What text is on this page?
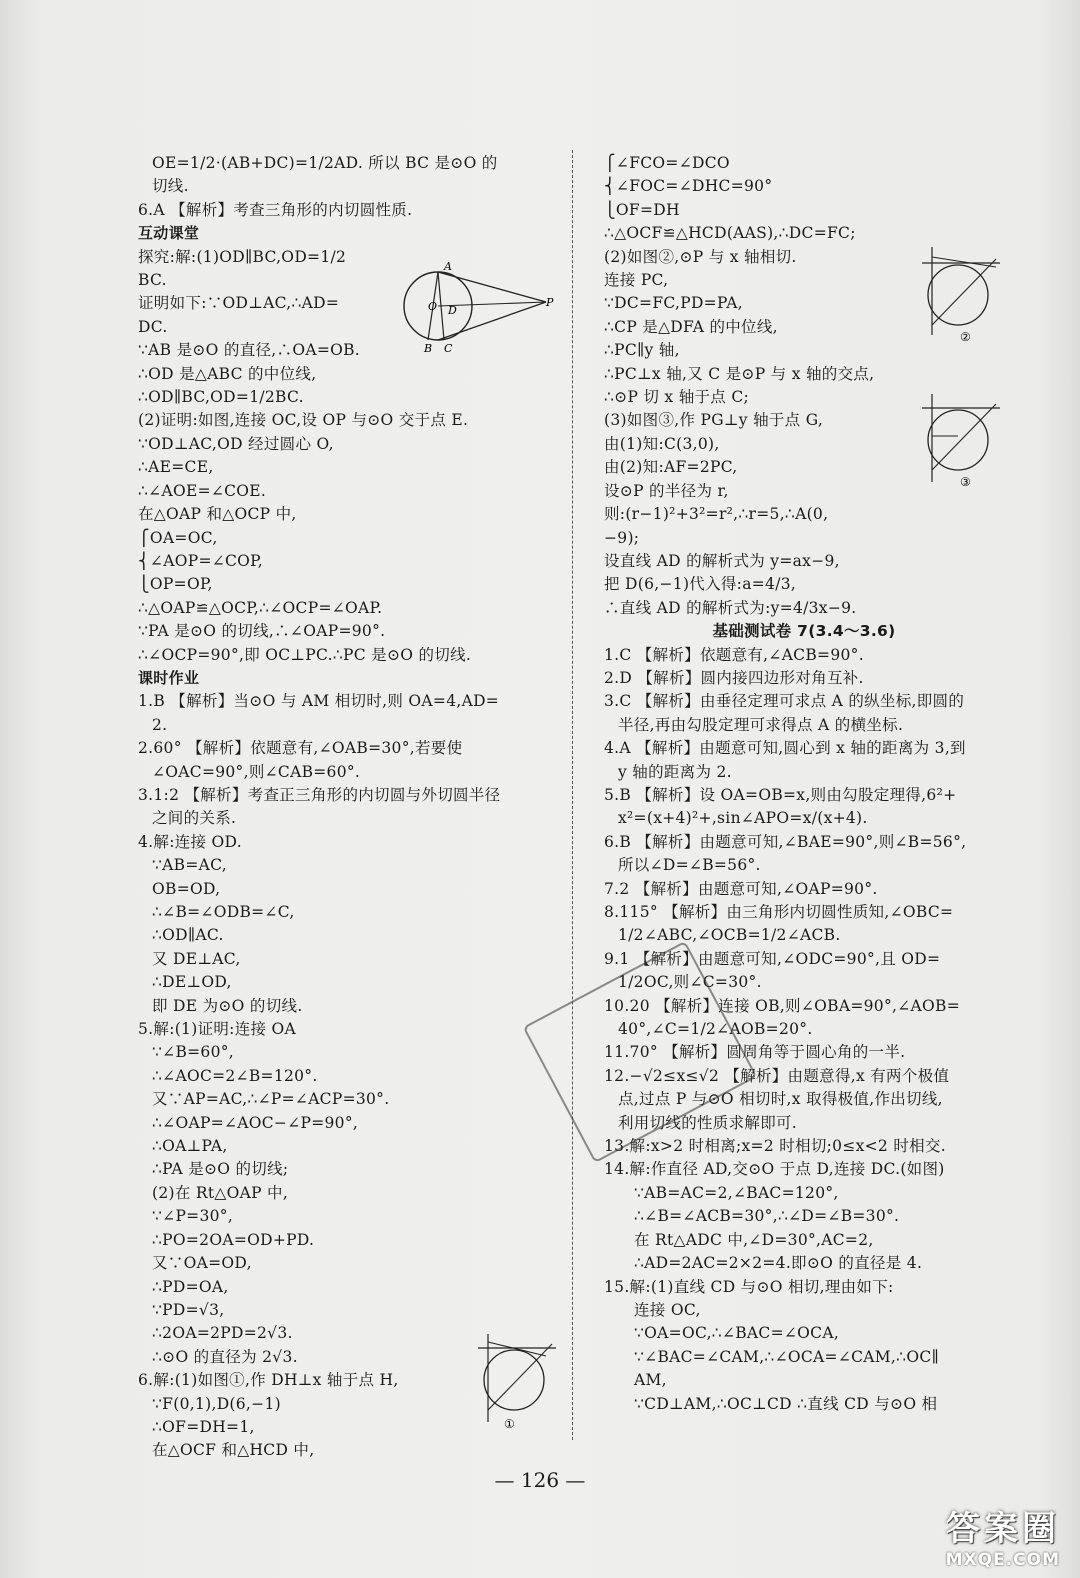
OE=1/2·(AB+DC)=1/2AD. 所以 BC 是⊙O 的
切线.
6.A 【解析】考查三角形的内切圆性质.
互动课堂
探究:解:(1)OD∥BC,OD=1/2
BC.
证明如下:∵OD⊥AC,∴AD=
DC.
∵AB 是⊙O 的直径,∴OA=OB.
∴OD 是△ABC 的中位线,
∴OD∥BC,OD=1/2BC.
(2)证明:如图,连接 OC,设 OP 与⊙O 交于点 E.
∵OD⊥AC,OD 经过圆心 O,
∴AE=CE,
∴∠AOE=∠COE.
在△OAP 和△OCP 中,
⎧OA=OC,
⎨∠AOP=∠COP,
⎩OP=OP,
∴△OAP≌△OCP,∴∠OCP=∠OAP.
∵PA 是⊙O 的切线,∴∠OAP=90°.
∴∠OCP=90°,即 OC⊥PC.∴PC 是⊙O 的切线.
课时作业
1.B 【解析】当⊙O 与 AM 相切时,则 OA=4,AD=
2.
2.60° 【解析】依题意有,∠OAB=30°,若要使
∠OAC=90°,则∠CAB=60°.
3.1:2 【解析】考查正三角形的内切圆与外切圆半径
之间的关系.
4.解:连接 OD.
∵AB=AC,
OB=OD,
∴∠B=∠ODB=∠C,
∴OD∥AC.
又 DE⊥AC,
∴DE⊥OD,
即 DE 为⊙O 的切线.
5.解:(1)证明:连接 OA
∵∠B=60°,
∴∠AOC=2∠B=120°.
又∵AP=AC,∴∠P=∠ACP=30°.
∴∠OAP=∠AOC−∠P=90°,
∴OA⊥PA,
∴PA 是⊙O 的切线;
(2)在 Rt△OAP 中,
∵∠P=30°,
∴PO=2OA=OD+PD.
又∵OA=OD,
∴PD=OA,
∵PD=√3,
∴2OA=2PD=2√3.
∴⊙O 的直径为 2√3.
6.解:(1)如图①,作 DH⊥x 轴于点 H,
∵F(0,1),D(6,−1)
∴OF=DH=1,
在△OCF 和△HCD 中,
⎧∠FCO=∠DCO
⎨∠FOC=∠DHC=90°
⎩OF=DH
∴△OCF≌△HCD(AAS),∴DC=FC;
(2)如图②,⊙P 与 x 轴相切.
连接 PC,
∵DC=FC,PD=PA,
∴CP 是△DFA 的中位线,
∴PC∥y 轴,
∴PC⊥x 轴,又 C 是⊙P 与 x 轴的交点,
∴⊙P 切 x 轴于点 C;
(3)如图③,作 PG⊥y 轴于点 G,
由(1)知:C(3,0),
由(2)知:AF=2PC,
设⊙P 的半径为 r,
则:(r−1)²+3²=r²,∴r=5,∴A(0,
−9);
设直线 AD 的解析式为 y=ax−9,
把 D(6,−1)代入得:a=4/3,
∴直线 AD 的解析式为:y=4/3x−9.
基础测试卷 7(3.4～3.6)
1.C 【解析】依题意有,∠ACB=90°.
2.D 【解析】圆内接四边形对角互补.
3.C 【解析】由垂径定理可求点 A 的纵坐标,即圆的
半径,再由勾股定理可求得点 A 的横坐标.
4.A 【解析】由题意可知,圆心到 x 轴的距离为 3,到
y 轴的距离为 2.
5.B 【解析】设 OA=OB=x,则由勾股定理得,6²+
x²=(x+4)²+,sin∠APO=x/(x+4).
6.B 【解析】由题意可知,∠BAE=90°,则∠B=56°,
所以∠D=∠B=56°.
7.2 【解析】由题意可知,∠OAP=90°.
8.115° 【解析】由三角形内切圆性质知,∠OBC=
1/2∠ABC,∠OCB=1/2∠ACB.
9.1 【解析】由题意可知,∠ODC=90°,且 OD=
1/2OC,则∠C=30°.
10.20 【解析】连接 OB,则∠OBA=90°,∠AOB=
40°,∠C=1/2∠AOB=20°.
11.70° 【解析】圆周角等于圆心角的一半.
12.−√2≤x≤√2 【解析】由题意得,x 有两个极值
点,过点 P 与⊙O 相切时,x 取得极值,作出切线,
利用切线的性质求解即可.
13.解:x>2 时相离;x=2 时相切;0≤x<2 时相交.
14.解:作直径 AD,交⊙O 于点 D,连接 DC.(如图)
∵AB=AC=2,∠BAC=120°,
∴∠B=∠ACB=30°,∴∠D=∠B=30°.
在 Rt△ADC 中,∠D=30°,AC=2,
∴AD=2AC=2×2=4.即⊙O 的直径是 4.
15.解:(1)直线 CD 与⊙O 相切,理由如下:
连接 OC,
∵OA=OC,∴∠BAC=∠OCA,
∵∠BAC=∠CAM,∴∠OCA=∠CAM,∴OC∥
AM,
∵CD⊥AM,∴OC⊥CD ∴直线 CD 与⊙O 相
A
O D
P
B C
②
③
①
— 126 —
答案圈
MXQE.COM
